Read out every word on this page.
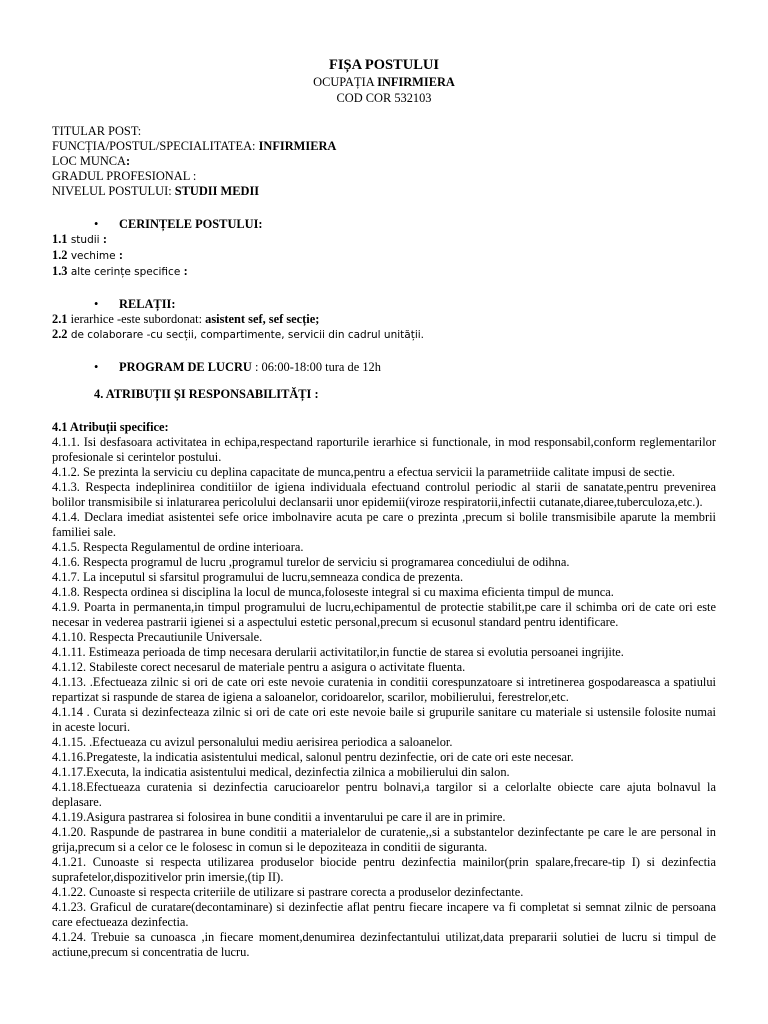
FIȘA POSTULUI
OCUPAȚIA INFIRMIERA
COD COR 532103
TITULAR POST:
FUNCȚIA/POSTUL/SPECIALITATEA: INFIRMIERA
LOC MUNCA:
GRADUL PROFESIONAL :
NIVELUL POSTULUI: STUDII MEDII
• CERINȚELE POSTULUI:
1.1 studii :
1.2 vechime :
1.3 alte cerințe specifice :
• RELAȚII:
2.1 ierarhice -este subordonat: asistent sef, sef secție;
2.2 de colaborare -cu secții, compartimente, servicii din cadrul unității.
• PROGRAM DE LUCRU : 06:00-18:00 tura de 12h
4. ATRIBUȚII ȘI RESPONSABILITĂȚI :
4.1 Atribuții specifice:
4.1.1. Isi desfasoara activitatea in echipa,respectand raporturile ierarhice si functionale, in mod responsabil,conform reglementarilor profesionale si cerintelor postului.
4.1.2. Se prezinta la serviciu cu deplina capacitate de munca,pentru a efectua servicii la parametriide calitate impusi de sectie.
4.1.3. Respecta indeplinirea conditiilor de igiena individuala efectuand controlul periodic al starii de sanatate,pentru prevenirea bolilor transmisibile si inlaturarea pericolului declansarii unor epidemii(viroze respiratorii,infectii cutanate,diaree,tuberculoza,etc.).
4.1.4. Declara imediat asistentei sefe orice imbolnavire acuta pe care o prezinta ,precum si bolile transmisibile aparute la membrii familiei sale.
4.1.5. Respecta Regulamentul de ordine interioara.
4.1.6. Respecta programul de lucru ,programul turelor de serviciu si programarea concediului de odihna.
4.1.7. La inceputul si sfarsitul programului de lucru,semneaza condica de prezenta.
4.1.8. Respecta ordinea si disciplina la locul de munca,foloseste integral si cu maxima eficienta timpul de munca.
4.1.9. Poarta in permanenta,in timpul programului de lucru,echipamentul de protectie stabilit,pe care il schimba ori de cate ori este necesar in vederea pastrarii igienei si a aspectului estetic personal,precum si ecusonul standard pentru identificare.
4.1.10. Respecta Precautiunile Universale.
4.1.11. Estimeaza perioada de timp necesara derularii activitatilor,in functie de starea si evolutia persoanei ingrijite.
4.1.12. Stabileste corect necesarul de materiale pentru a asigura o activitate fluenta.
4.1.13. .Efectueaza zilnic si ori de cate ori este nevoie curatenia in conditii corespunzatoare si intretinerea gospodareasca a spatiului repartizat si raspunde de starea de igiena a saloanelor, coridoarelor, scarilor, mobilierului, ferestrelor,etc.
4.1.14 . Curata si dezinfecteaza zilnic si ori de cate ori este nevoie baile si grupurile sanitare cu materiale si ustensile folosite numai in aceste locuri.
4.1.15. .Efectueaza cu avizul personalului mediu aerisirea periodica a saloanelor.
4.1.16.Pregateste, la indicatia asistentului medical, salonul pentru dezinfectie, ori de cate ori este necesar.
4.1.17.Executa, la indicatia asistentului medical, dezinfectia zilnica a mobilierului din salon.
4.1.18.Efectueaza curatenia si dezinfectia carucioarelor pentru bolnavi,a targilor si a celorlalte obiecte care ajuta bolnavul la deplasare.
4.1.19.Asigura pastrarea si folosirea in bune conditii a inventarului pe care il are in primire.
4.1.20. Raspunde de pastrarea in bune conditii a materialelor de curatenie,,si a substantelor dezinfectante pe care le are personal in grija,precum si a celor ce le folosesc in comun si le depoziteaza in conditii de siguranta.
4.1.21. Cunoaste si respecta utilizarea produselor biocide pentru dezinfectia mainilor(prin spalare,frecare-tip I) si dezinfectia suprafetelor,dispozitivelor prin imersie,(tip II).
4.1.22. Cunoaste si respecta criteriile de utilizare si pastrare corecta a produselor dezinfectante.
4.1.23. Graficul de curatare(decontaminare) si dezinfectie aflat pentru fiecare incapere va fi completat si semnat zilnic de persoana care efectueaza dezinfectia.
4.1.24. Trebuie sa cunoasca ,in fiecare moment,denumirea dezinfectantului utilizat,data prepararii solutiei de lucru si timpul de actiune,precum si concentratia de lucru.
